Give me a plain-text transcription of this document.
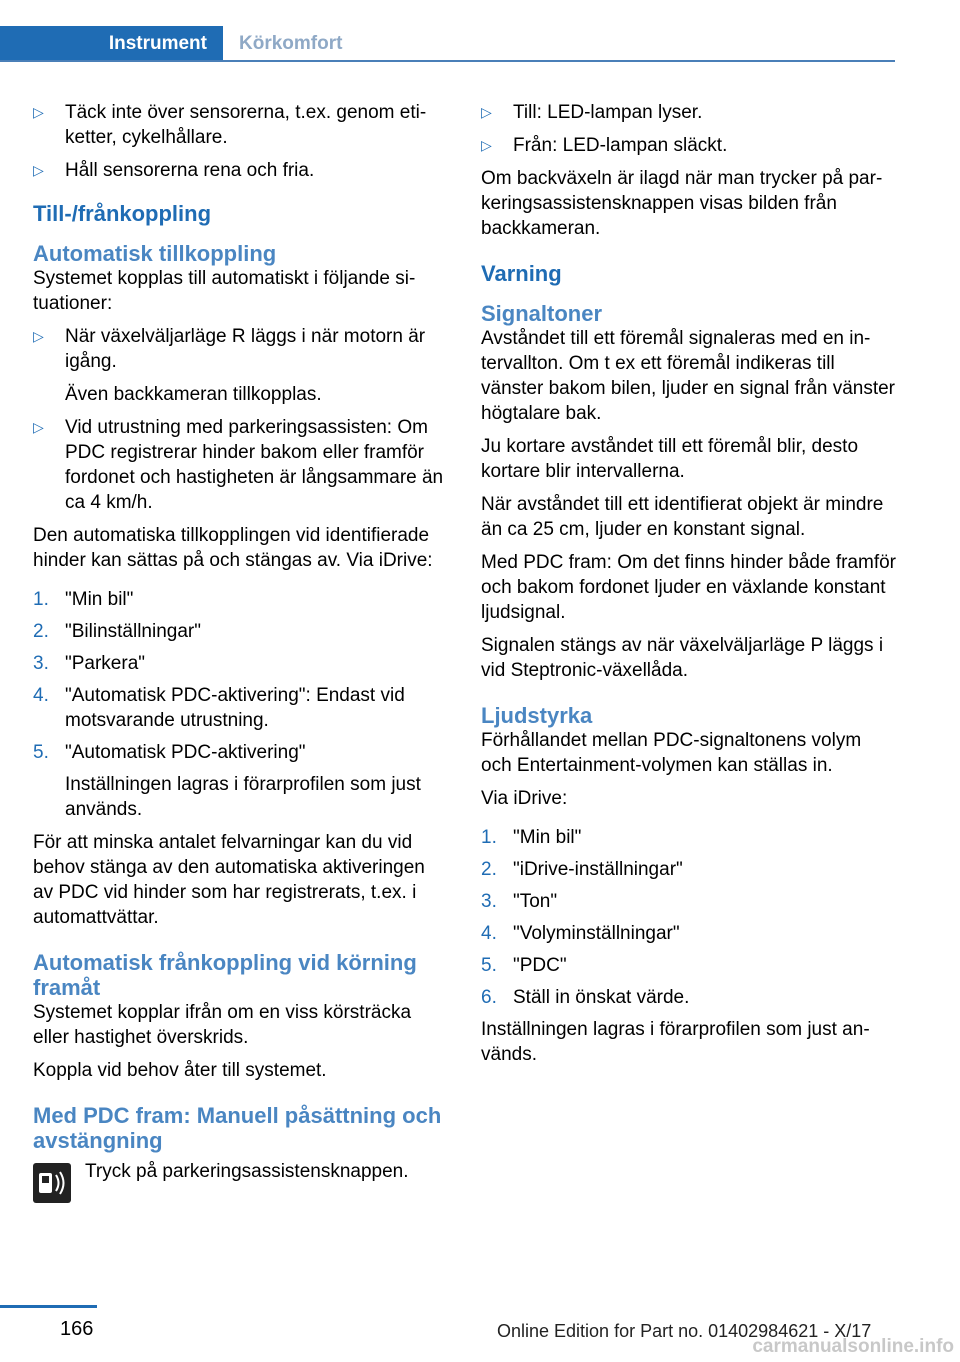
Instrument	Körkomfort
▷ Täck inte över sensorerna, t.ex. genom etiketter, cykelhållare.
▷ Håll sensorerna rena och fria.
Till-/frånkoppling
Automatisk tillkoppling

Systemet kopplas till automatiskt i följande situationer:

▷ När växelväljarläge R läggs i när motorn är igång.
Även backkameran tillkopplas.
▷ Vid utrustning med parkeringsassisten: Om PDC registrerar hinder bakom eller framför fordonet och hastigheten är långsammare än ca 4 km/h.

Den automatiska tillkopplingen vid identifierade hinder kan sättas på och stängas av. Via iDrive:

1. "Min bil"
2. "Bilinställningar"
3. "Parkera"
4. "Automatisk PDC-aktivering": Endast vid motsvarande utrustning.
5. "Automatisk PDC-aktivering"
Inställningen lagras i förarprofilen som just används.

För att minska antalet felvarningar kan du vid behov stänga av den automatiska aktiveringen av PDC vid hinder som har registrerats, t.ex. i automattvättar.

Automatisk frånkoppling vid körning framåt

Systemet kopplar ifrån om en viss körsträcka eller hastighet överskrids.

Koppla vid behov åter till systemet.

Med PDC fram: Manuell påsättning och avstängning
Tryck på parkeringsassistensknappen.
▷ Till: LED-lampan lyser.
▷ Från: LED-lampan släckt.

Om backväxeln är ilagd när man trycker på parkeringsassistensknappen visas bilden från backkameran.

Varning
Signaltoner

Avståndet till ett föremål signaleras med en intervallton. Om t ex ett föremål indikeras till vänster bakom bilen, ljuder en signal från vänster högtalare bak.

Ju kortare avståndet till ett föremål blir, desto kortare blir intervallerna.

När avståndet till ett identifierat objekt är mindre än ca 25 cm, ljuder en konstant signal.

Med PDC fram: Om det finns hinder både framför och bakom fordonet ljuder en växlande konstant ljudsignal.

Signalen stängs av när växelväljarläge P läggs i vid Steptronic-växellåda.

Ljudstyrka

Förhållandet mellan PDC-signaltonens volym och Entertainment-volymen kan ställas in.

Via iDrive:

1. "Min bil"
2. "iDrive-inställningar"
3. "Ton"
4. "Volyminställningar"
5. "PDC"
6. Ställ in önskat värde.

Inställningen lagras i förarprofilen som just används.

166	Online Edition for Part no. 01402984621 - X/17
carmanualsonline.info
